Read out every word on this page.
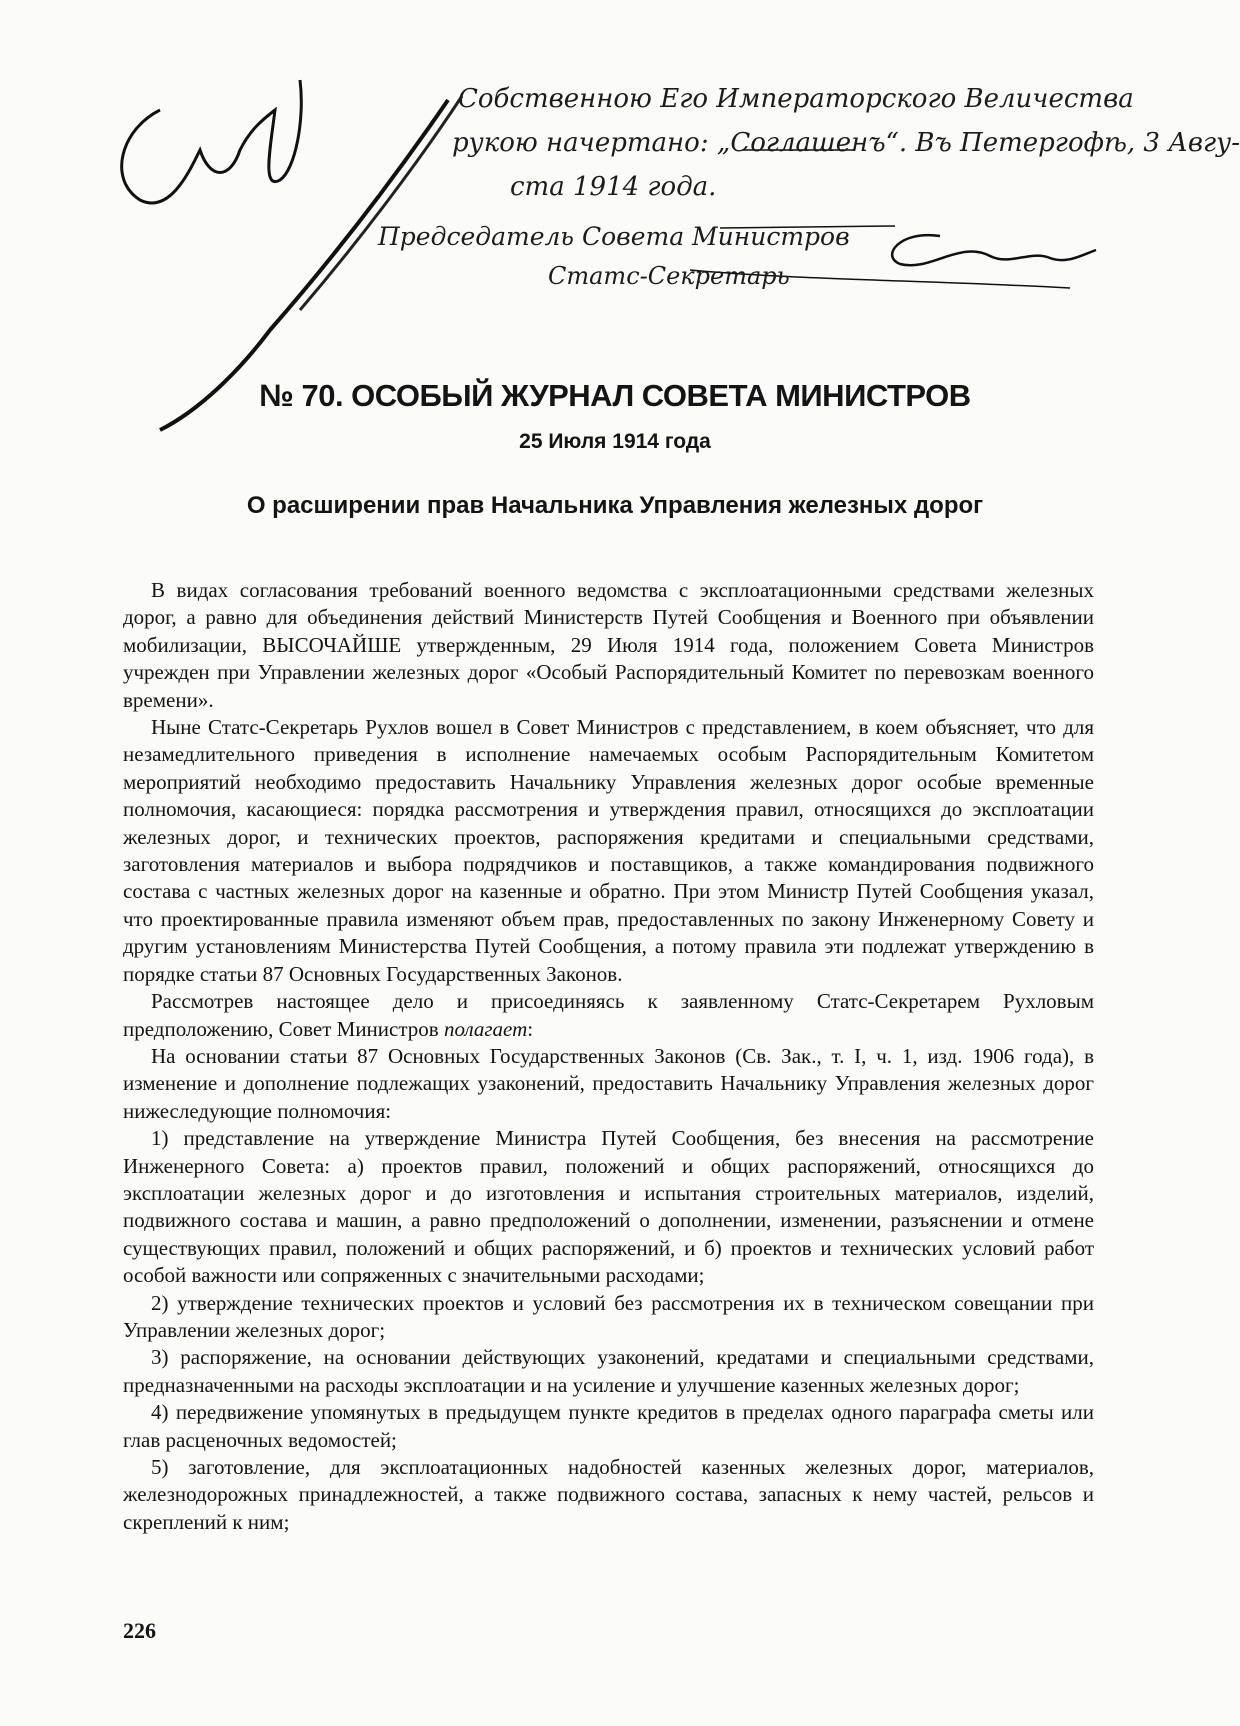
Собственною Его Императорского Величества
рукою начертано: „Соглашенъ“. Въ Петергофѣ, 3 Авгу-
ста 1914 года.
Председатель Совета Министров
Статс-Секретарь
№ 70. ОСОБЫЙ ЖУРНАЛ СОВЕТА МИНИСТРОВ
25 Июля 1914 года
О расширении прав Начальника Управления железных дорог

В видах согласования требований военного ведомства с эксплоатационными средствами железных дорог, а равно для объединения действий Министерств Путей Сообщения и Военного при объявлении мобилизации, ВЫСОЧАЙШЕ утвержденным, 29 Июля 1914 года, положением Совета Министров учрежден при Управлении железных дорог «Особый Распорядительный Комитет по перевозкам военного времени».

Ныне Статс-Секретарь Рухлов вошел в Совет Министров с представлением, в коем объясняет, что для незамедлительного приведения в исполнение намечаемых особым Распорядительным Комитетом мероприятий необходимо предоставить Начальнику Управления железных дорог особые временные полномочия, касающиеся: порядка рассмотрения и утверждения правил, относящихся до эксплоатации железных дорог, и технических проектов, распоряжения кредитами и специальными средствами, заготовления материалов и выбора подрядчиков и поставщиков, а также командирования подвижного состава с частных железных дорог на казенные и обратно. При этом Министр Путей Сообщения указал, что проектированные правила изменяют объем прав, предоставленных по закону Инженерному Совету и другим установлениям Министерства Путей Сообщения, а потому правила эти подлежат утверждению в порядке статьи 87 Основных Государственных Законов.

Рассмотрев настоящее дело и присоединяясь к заявленному Статс-Секретарем Рухловым предположению, Совет Министров полагает:

На основании статьи 87 Основных Государственных Законов (Св. Зак., т. I, ч. 1, изд. 1906 года), в изменение и дополнение подлежащих узаконений, предоставить Начальнику Управления железных дорог нижеследующие полномочия:

1) представление на утверждение Министра Путей Сообщения, без внесения на рассмотрение Инженерного Совета: а) проектов правил, положений и общих распоряжений, относящихся до эксплоатации железных дорог и до изготовления и испытания строительных материалов, изделий, подвижного состава и машин, а равно предположений о дополнении, изменении, разъяснении и отмене существующих правил, положений и общих распоряжений, и б) проектов и технических условий работ особой важности или сопряженных с значительными расходами;

2) утверждение технических проектов и условий без рассмотрения их в техническом совещании при Управлении железных дорог;

3) распоряжение, на основании действующих узаконений, кредатами и специальными средствами, предназначенными на расходы эксплоатации и на усиление и улучшение казенных железных дорог;

4) передвижение упомянутых в предыдущем пункте кредитов в пределах одного параграфа сметы или глав расценочных ведомостей;

5) заготовление, для эксплоатационных надобностей казенных железных дорог, материалов, железнодорожных принадлежностей, а также подвижного состава, запасных к нему частей, рельсов и скреплений к ним;

226
